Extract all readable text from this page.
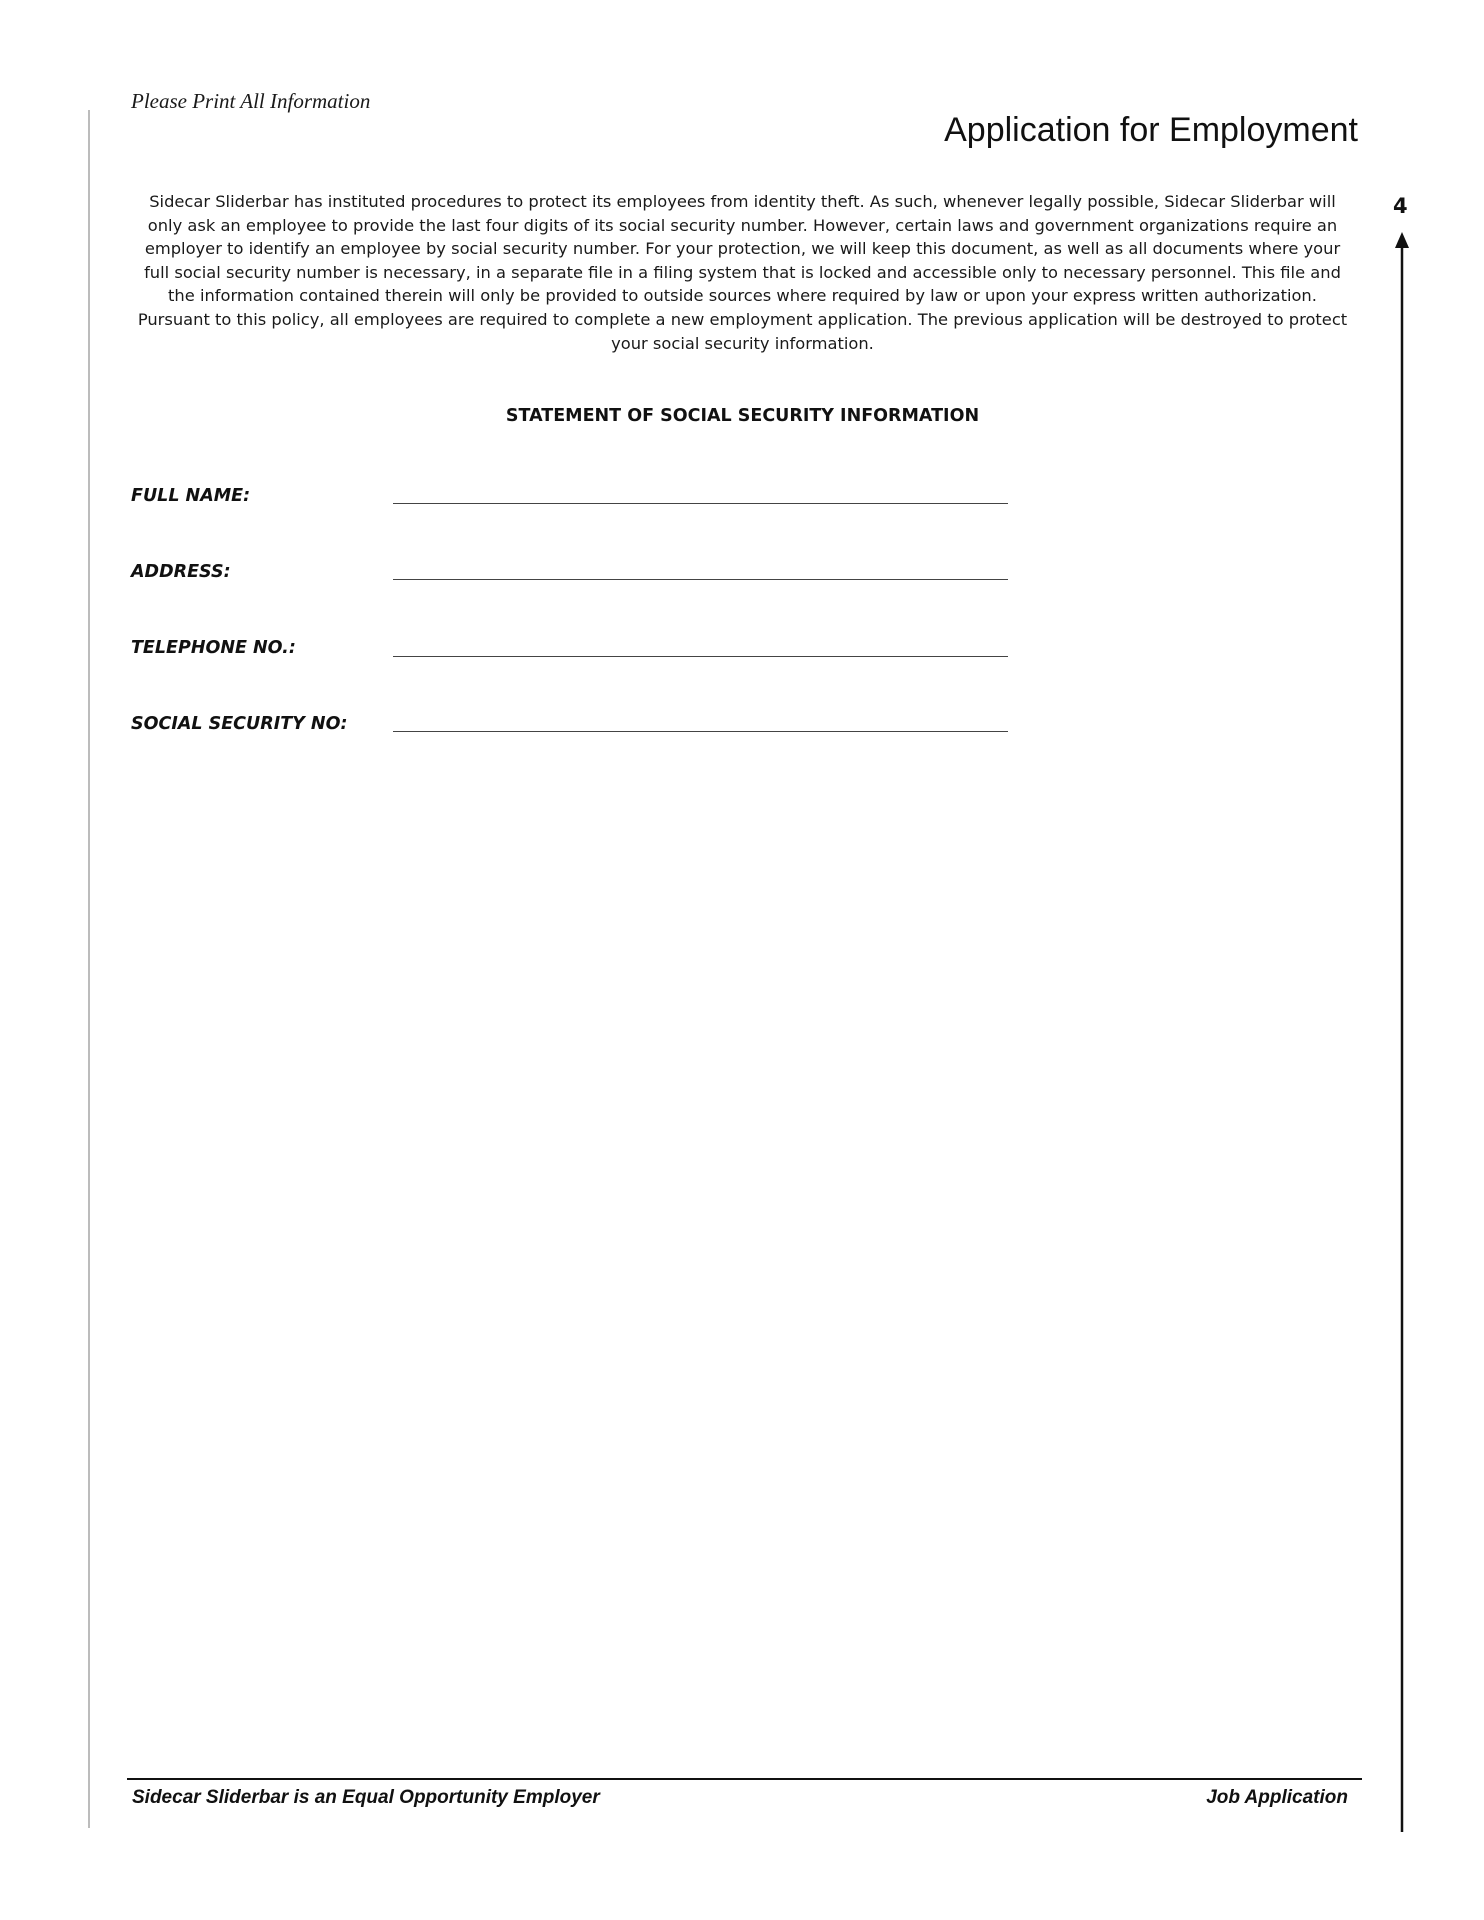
Please Print All Information
Application for Employment

Sidecar Sliderbar has instituted procedures to protect its employees from identity theft. As such, whenever legally possible, Sidecar Sliderbar will only ask an employee to provide the last four digits of its social security number. However, certain laws and government organizations require an employer to identify an employee by social security number. For your protection, we will keep this document, as well as all documents where your full social security number is necessary, in a separate file in a filing system that is locked and accessible only to necessary personnel. This file and the information contained therein will only be provided to outside sources where required by law or upon your express written authorization. Pursuant to this policy, all employees are required to complete a new employment application. The previous application will be destroyed to protect your social security information.

4
STATEMENT OF SOCIAL SECURITY INFORMATION
FULL NAME:
ADDRESS:
TELEPHONE NO.:
SOCIAL SECURITY NO:
Sidecar Sliderbar is an Equal Opportunity Employer	Job Application
